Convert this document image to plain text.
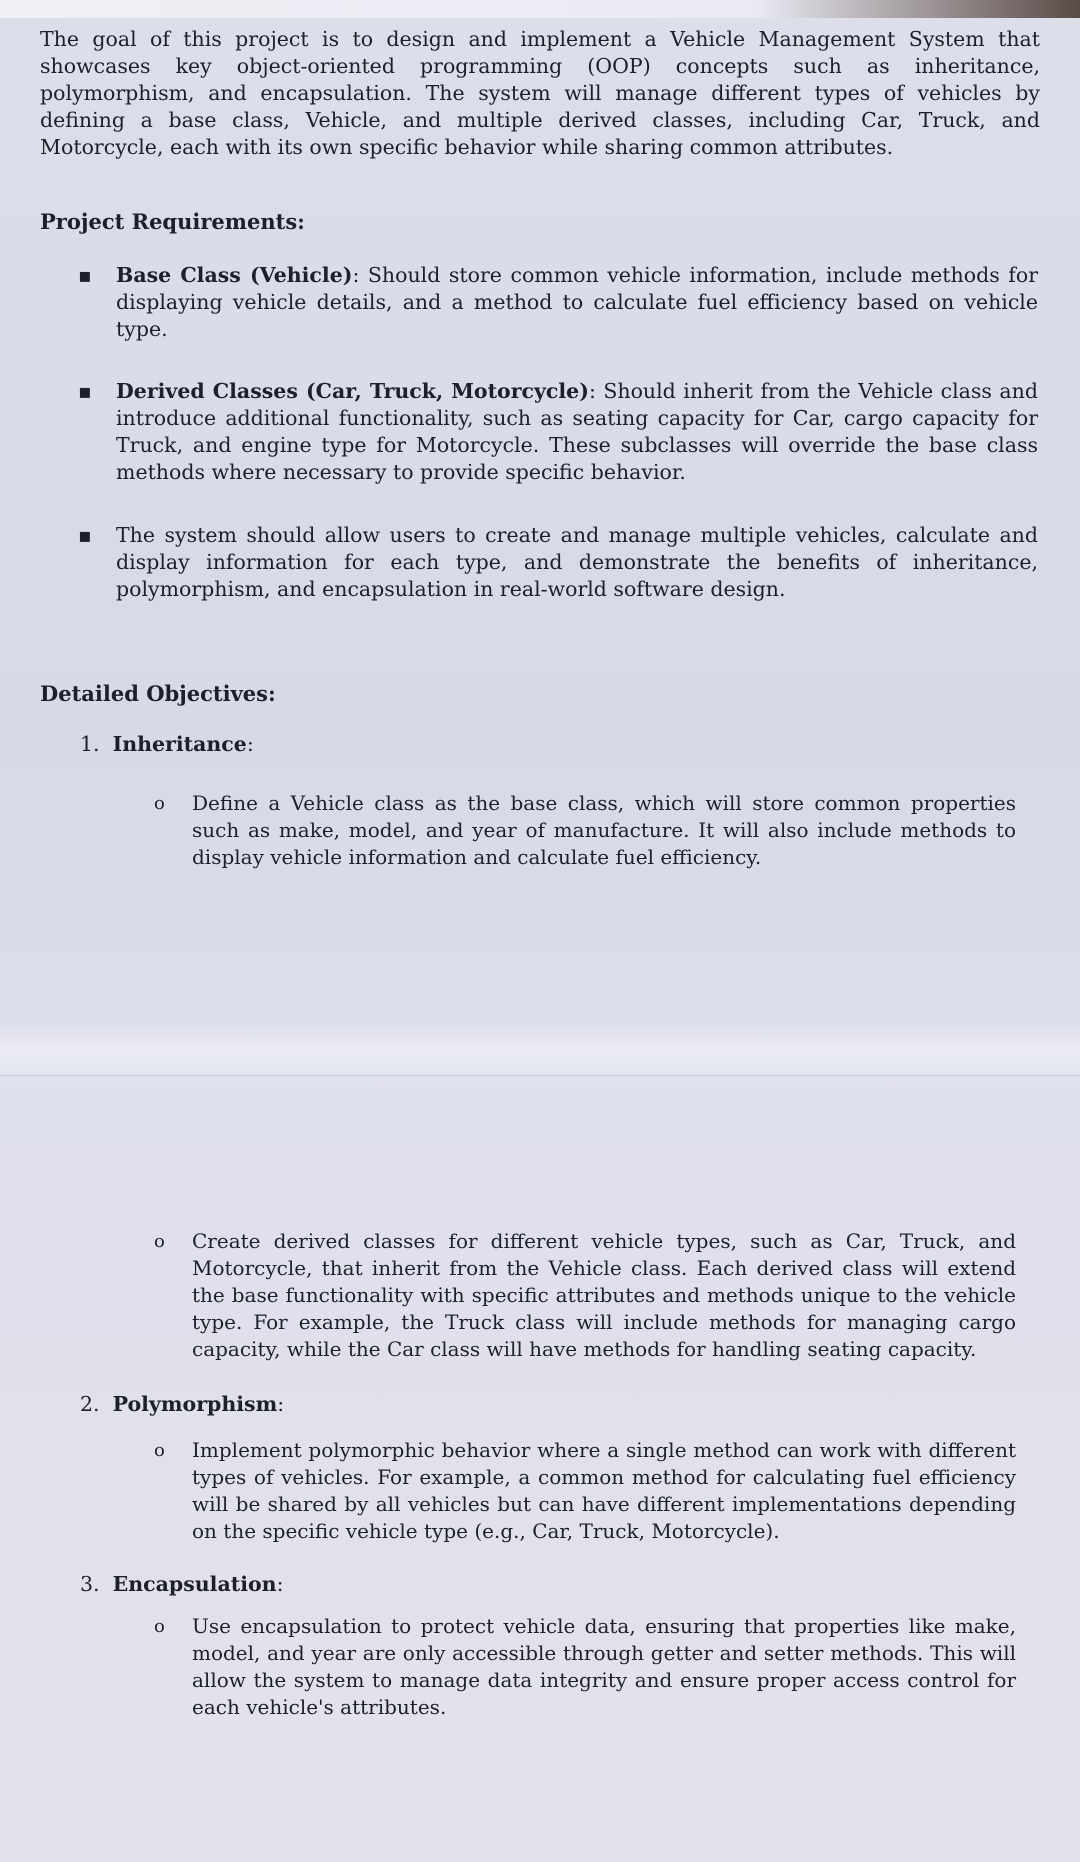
The goal of this project is to design and implement a Vehicle Management System that showcases key object-oriented programming (OOP) concepts such as inheritance, polymorphism, and encapsulation. The system will manage different types of vehicles by defining a base class, Vehicle, and multiple derived classes, including Car, Truck, and Motorcycle, each with its own specific behavior while sharing common attributes.

Project Requirements:
▪	Base Class (Vehicle): Should store common vehicle information, include methods for displaying vehicle details, and a method to calculate fuel efficiency based on vehicle type.

▪	Derived Classes (Car, Truck, Motorcycle): Should inherit from the Vehicle class and introduce additional functionality, such as seating capacity for Car, cargo capacity for Truck, and engine type for Motorcycle. These subclasses will override the base class methods where necessary to provide specific behavior.

▪	The system should allow users to create and manage multiple vehicles, calculate and display information for each type, and demonstrate the benefits of inheritance, polymorphism, and encapsulation in real-world software design.

Detailed Objectives:
1. Inheritance:
o	Define a Vehicle class as the base class, which will store common properties such as make, model, and year of manufacture. It will also include methods to display vehicle information and calculate fuel efficiency.

o	Create derived classes for different vehicle types, such as Car, Truck, and Motorcycle, that inherit from the Vehicle class. Each derived class will extend the base functionality with specific attributes and methods unique to the vehicle type. For example, the Truck class will include methods for managing cargo capacity, while the Car class will have methods for handling seating capacity.

2. Polymorphism:
o	Implement polymorphic behavior where a single method can work with different types of vehicles. For example, a common method for calculating fuel efficiency will be shared by all vehicles but can have different implementations depending on the specific vehicle type (e.g., Car, Truck, Motorcycle).

3. Encapsulation:
o	Use encapsulation to protect vehicle data, ensuring that properties like make, model, and year are only accessible through getter and setter methods. This will allow the system to manage data integrity and ensure proper access control for each vehicle's attributes.
